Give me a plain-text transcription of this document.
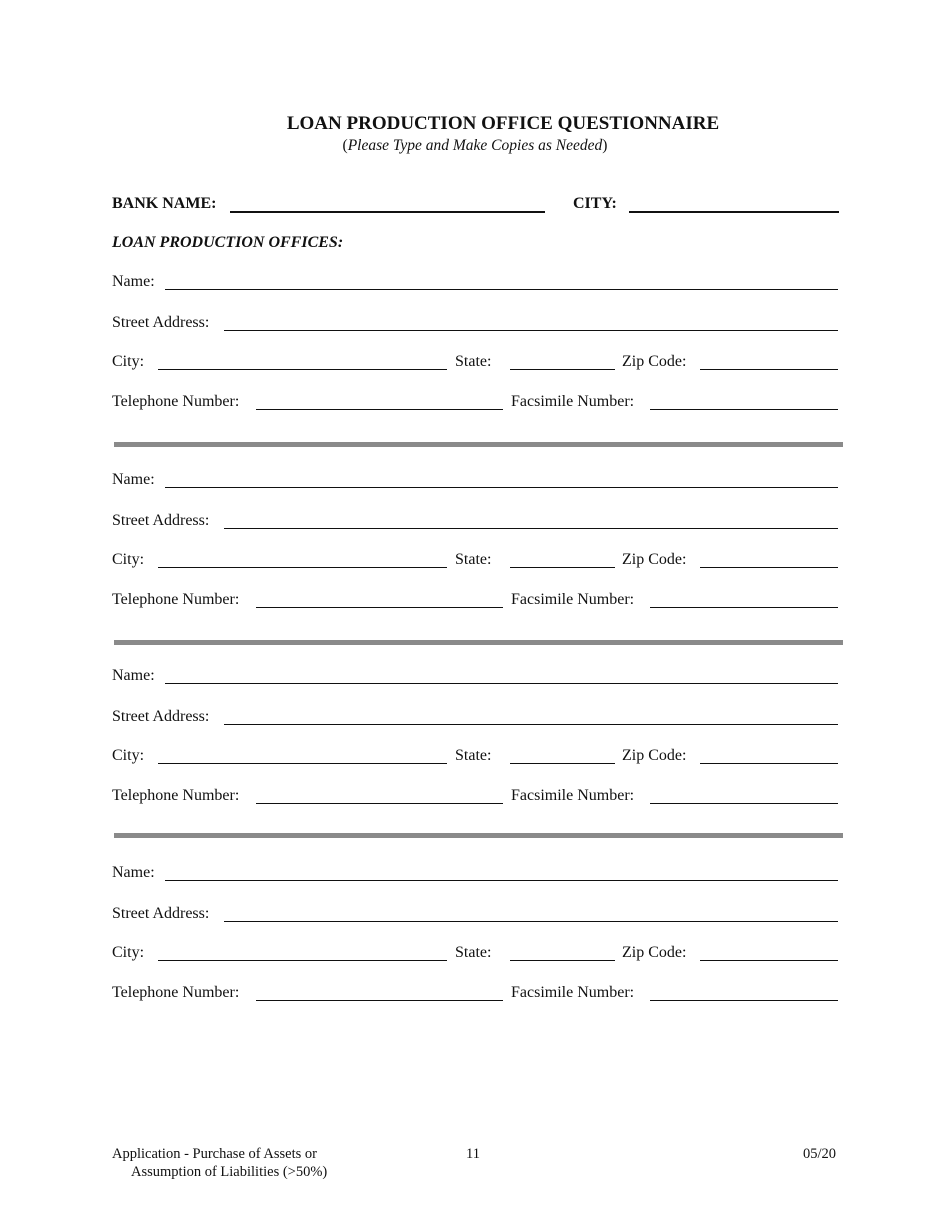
LOAN PRODUCTION OFFICE QUESTIONNAIRE
(Please Type and Make Copies as Needed)
BANK NAME:	CITY:
LOAN PRODUCTION OFFICES:
Name:
Street Address:
City:	State:	Zip Code:
Telephone Number:	Facsimile Number:
Name:
Street Address:
City:	State:	Zip Code:
Telephone Number:	Facsimile Number:
Name:
Street Address:
City:	State:	Zip Code:
Telephone Number:	Facsimile Number:
Name:
Street Address:
City:	State:	Zip Code:
Telephone Number:	Facsimile Number:
Application - Purchase of Assets or
Assumption of Liabilities (>50%)
11	05/20
